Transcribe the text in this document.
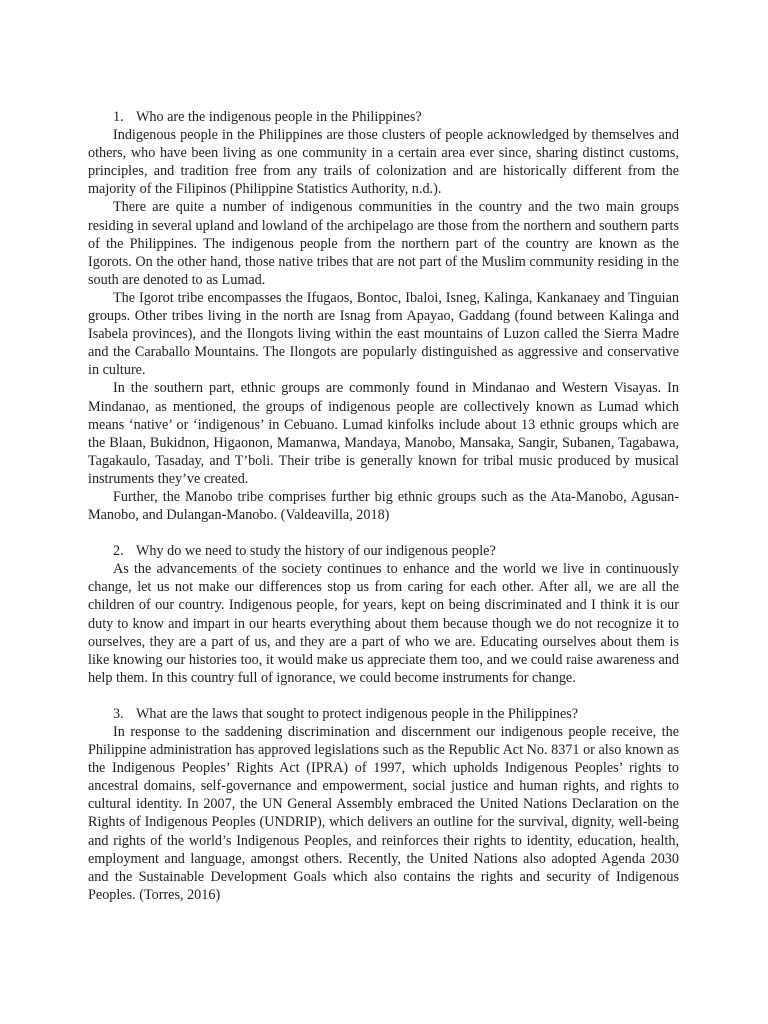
1. Who are the indigenous people in the Philippines?

Indigenous people in the Philippines are those clusters of people acknowledged by themselves and others, who have been living as one community in a certain area ever since, sharing distinct customs, principles, and tradition free from any trails of colonization and are historically different from the majority of the Filipinos (Philippine Statistics Authority, n.d.).

There are quite a number of indigenous communities in the country and the two main groups residing in several upland and lowland of the archipelago are those from the northern and southern parts of the Philippines. The indigenous people from the northern part of the country are known as the Igorots. On the other hand, those native tribes that are not part of the Muslim community residing in the south are denoted to as Lumad.

The Igorot tribe encompasses the Ifugaos, Bontoc, Ibaloi, Isneg, Kalinga, Kankanaey and Tinguian groups. Other tribes living in the north are Isnag from Apayao, Gaddang (found between Kalinga and Isabela provinces), and the Ilongots living within the east mountains of Luzon called the Sierra Madre and the Caraballo Mountains. The Ilongots are popularly distinguished as aggressive and conservative in culture.

In the southern part, ethnic groups are commonly found in Mindanao and Western Visayas. In Mindanao, as mentioned, the groups of indigenous people are collectively known as Lumad which means ‘native’ or ‘indigenous’ in Cebuano. Lumad kinfolks include about 13 ethnic groups which are the Blaan, Bukidnon, Higaonon, Mamanwa, Mandaya, Manobo, Mansaka, Sangir, Subanen, Tagabawa, Tagakaulo, Tasaday, and T’boli. Their tribe is generally known for tribal music produced by musical instruments they’ve created.

Further, the Manobo tribe comprises further big ethnic groups such as the Ata-Manobo, Agusan-Manobo, and Dulangan-Manobo. (Valdeavilla, 2018)

2. Why do we need to study the history of our indigenous people?

As the advancements of the society continues to enhance and the world we live in continuously change, let us not make our differences stop us from caring for each other. After all, we are all the children of our country. Indigenous people, for years, kept on being discriminated and I think it is our duty to know and impart in our hearts everything about them because though we do not recognize it to ourselves, they are a part of us, and they are a part of who we are. Educating ourselves about them is like knowing our histories too, it would make us appreciate them too, and we could raise awareness and help them. In this country full of ignorance, we could become instruments for change.

3. What are the laws that sought to protect indigenous people in the Philippines?

In response to the saddening discrimination and discernment our indigenous people receive, the Philippine administration has approved legislations such as the Republic Act No. 8371 or also known as the Indigenous Peoples’ Rights Act (IPRA) of 1997, which upholds Indigenous Peoples’ rights to ancestral domains, self-governance and empowerment, social justice and human rights, and rights to cultural identity. In 2007, the UN General Assembly embraced the United Nations Declaration on the Rights of Indigenous Peoples (UNDRIP), which delivers an outline for the survival, dignity, well-being and rights of the world’s Indigenous Peoples, and reinforces their rights to identity, education, health, employment and language, amongst others. Recently, the United Nations also adopted Agenda 2030 and the Sustainable Development Goals which also contains the rights and security of Indigenous Peoples. (Torres, 2016)
